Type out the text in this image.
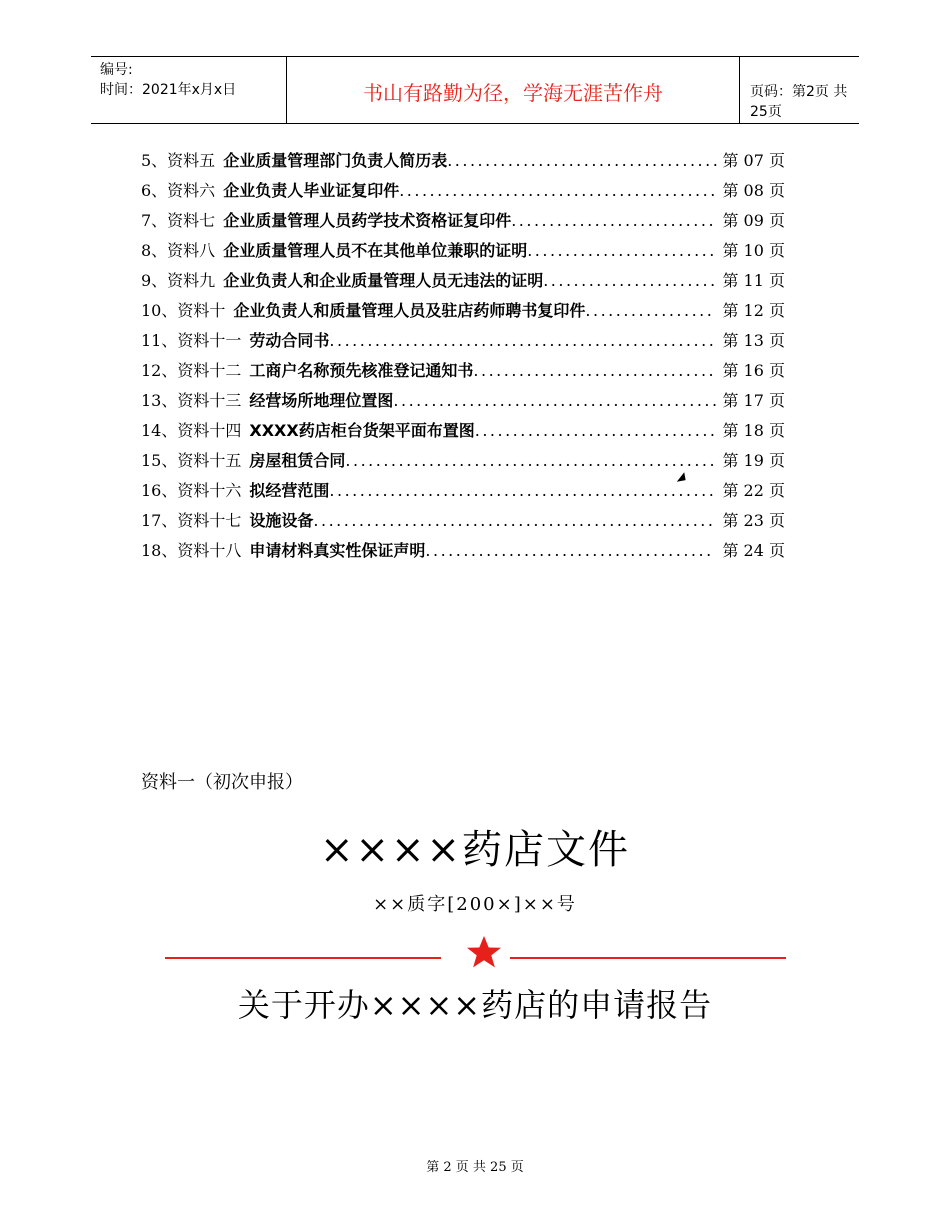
编号:
时间：2021年x月x日	书山有路勤为径，学海无涯苦作舟	页码：第2页 共25页
5、资料五 企业质量管理部门负责人简历表.................................... 第 07 页
6、资料六 企业负责人毕业证复印件.......................................... 第 08 页
7、资料七 企业质量管理人员药学技术资格证复印件........................... 第 09 页
8、资料八 企业质量管理人员不在其他单位兼职的证明......................... 第 10 页
9、资料九 企业负责人和企业质量管理人员无违法的证明....................... 第 11 页
10、资料十 企业负责人和质量管理人员及驻店药师聘书复印件................. 第 12 页
11、资料十一 劳动合同书................................................... 第 13 页
12、资料十二 工商户名称预先核准登记通知书................................ 第 16 页
13、资料十三 经营场所地理位置图........................................... 第 17 页
14、资料十四 XXXX药店柜台货架平面布置图................................ 第 18 页
15、资料十五 房屋租赁合同................................................. 第 19 页
16、资料十六 拟经营范围................................................... 第 22 页
17、资料十七 设施设备..................................................... 第 23 页
18、资料十八 申请材料真实性保证声明...................................... 第 24 页
资料一（初次申报）
××××药店文件
××质字[200×]××号
关于开办××××药店的申请报告
第 2 页 共 25 页
